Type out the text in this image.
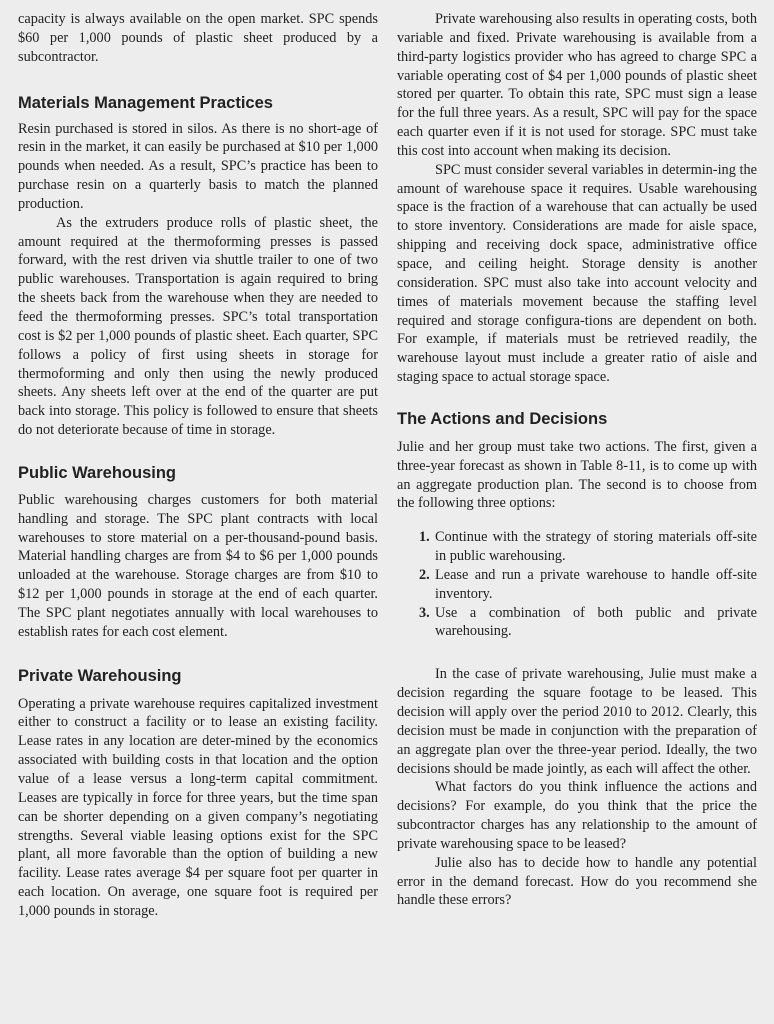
capacity is always available on the open market. SPC spends $60 per 1,000 pounds of plastic sheet produced by a subcontractor.

Materials Management Practices

Resin purchased is stored in silos. As there is no short-age of resin in the market, it can easily be purchased at $10 per 1,000 pounds when needed. As a result, SPC’s practice has been to purchase resin on a quarterly basis to match the planned production.

As the extruders produce rolls of plastic sheet, the amount required at the thermoforming presses is passed forward, with the rest driven via shuttle trailer to one of two public warehouses. Transportation is again required to bring the sheets back from the warehouse when they are needed to feed the thermoforming presses. SPC’s total transportation cost is $2 per 1,000 pounds of plastic sheet. Each quarter, SPC follows a policy of first using sheets in storage for thermoforming and only then using the newly produced sheets. Any sheets left over at the end of the quarter are put back into storage. This policy is followed to ensure that sheets do not deteriorate because of time in storage.

Public Warehousing

Public warehousing charges customers for both material handling and storage. The SPC plant contracts with local warehouses to store material on a per-thousand-pound basis. Material handling charges are from $4 to $6 per 1,000 pounds unloaded at the warehouse. Storage charges are from $10 to $12 per 1,000 pounds in storage at the end of each quarter. The SPC plant negotiates annually with local warehouses to establish rates for each cost element.

Private Warehousing

Operating a private warehouse requires capitalized investment either to construct a facility or to lease an existing facility. Lease rates in any location are deter-mined by the economics associated with building costs in that location and the option value of a lease versus a long-term capital commitment. Leases are typically in force for three years, but the time span can be shorter depending on a given company’s negotiating strengths. Several viable leasing options exist for the SPC plant, all more favorable than the option of building a new facility. Lease rates average $4 per square foot per quarter in each location. On average, one square foot is required per 1,000 pounds in storage.

Private warehousing also results in operating costs, both variable and fixed. Private warehousing is available from a third-party logistics provider who has agreed to charge SPC a variable operating cost of $4 per 1,000 pounds of plastic sheet stored per quarter. To obtain this rate, SPC must sign a lease for the full three years. As a result, SPC will pay for the space each quarter even if it is not used for storage. SPC must take this cost into account when making its decision.

SPC must consider several variables in determin-ing the amount of warehouse space it requires. Usable warehousing space is the fraction of a warehouse that can actually be used to store inventory. Considerations are made for aisle space, shipping and receiving dock space, administrative office space, and ceiling height. Storage density is another consideration. SPC must also take into account velocity and times of materials movement because the staffing level required and storage configura-tions are dependent on both. For example, if materials must be retrieved readily, the warehouse layout must include a greater ratio of aisle and staging space to actual storage space.

The Actions and Decisions

Julie and her group must take two actions. The first, given a three-year forecast as shown in Table 8-11, is to come up with an aggregate production plan. The second is to choose from the following three options:

1. Continue with the strategy of storing materials off-site in public warehousing.
2. Lease and run a private warehouse to handle off-site inventory.
3. Use a combination of both public and private warehousing.

In the case of private warehousing, Julie must make a decision regarding the square footage to be leased. This decision will apply over the period 2010 to 2012. Clearly, this decision must be made in conjunction with the preparation of an aggregate plan over the three-year period. Ideally, the two decisions should be made jointly, as each will affect the other.

What factors do you think influence the actions and decisions? For example, do you think that the price the subcontractor charges has any relationship to the amount of private warehousing space to be leased?

Julie also has to decide how to handle any potential error in the demand forecast. How do you recommend she handle these errors?
